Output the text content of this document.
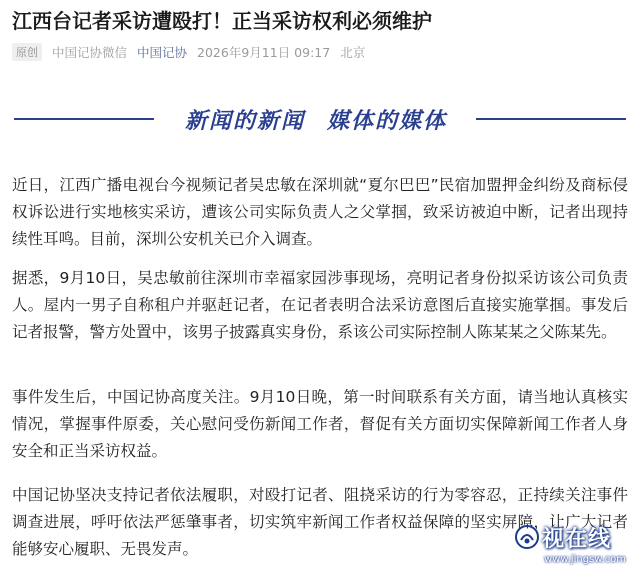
江西台记者采访遭殴打！正当采访权利必须维护
原创	中国记协微信 中国记协 2026年9月11日 09:17 北京
新闻的新闻 媒体的媒体

近日，江西广播电视台今视频记者吴忠敏在深圳就“夏尔巴巴”民宿加盟押金纠纷及商标侵权诉讼进行实地核实采访，遭该公司实际负责人之父掌掴，致采访被迫中断，记者出现持续性耳鸣。目前，深圳公安机关已介入调查。

据悉，9月10日，吴忠敏前往深圳市幸福家园涉事现场，亮明记者身份拟采访该公司负责人。屋内一男子自称租户并驱赶记者，在记者表明合法采访意图后直接实施掌掴。事发后记者报警，警方处置中，该男子披露真实身份，系该公司实际控制人陈某某之父陈某先。

事件发生后，中国记协高度关注。9月10日晚，第一时间联系有关方面，请当地认真核实情况，掌握事件原委，关心慰问受伤新闻工作者，督促有关方面切实保障新闻工作者人身安全和正当采访权益。

中国记协坚决支持记者依法履职，对殴打记者、阻挠采访的行为零容忍，正持续关注事件调查进展，呼吁依法严惩肇事者，切实筑牢新闻工作者权益保障的坚实屏障，让广大记者能够安心履职、无畏发声。	视在线
www.jingsw.com
